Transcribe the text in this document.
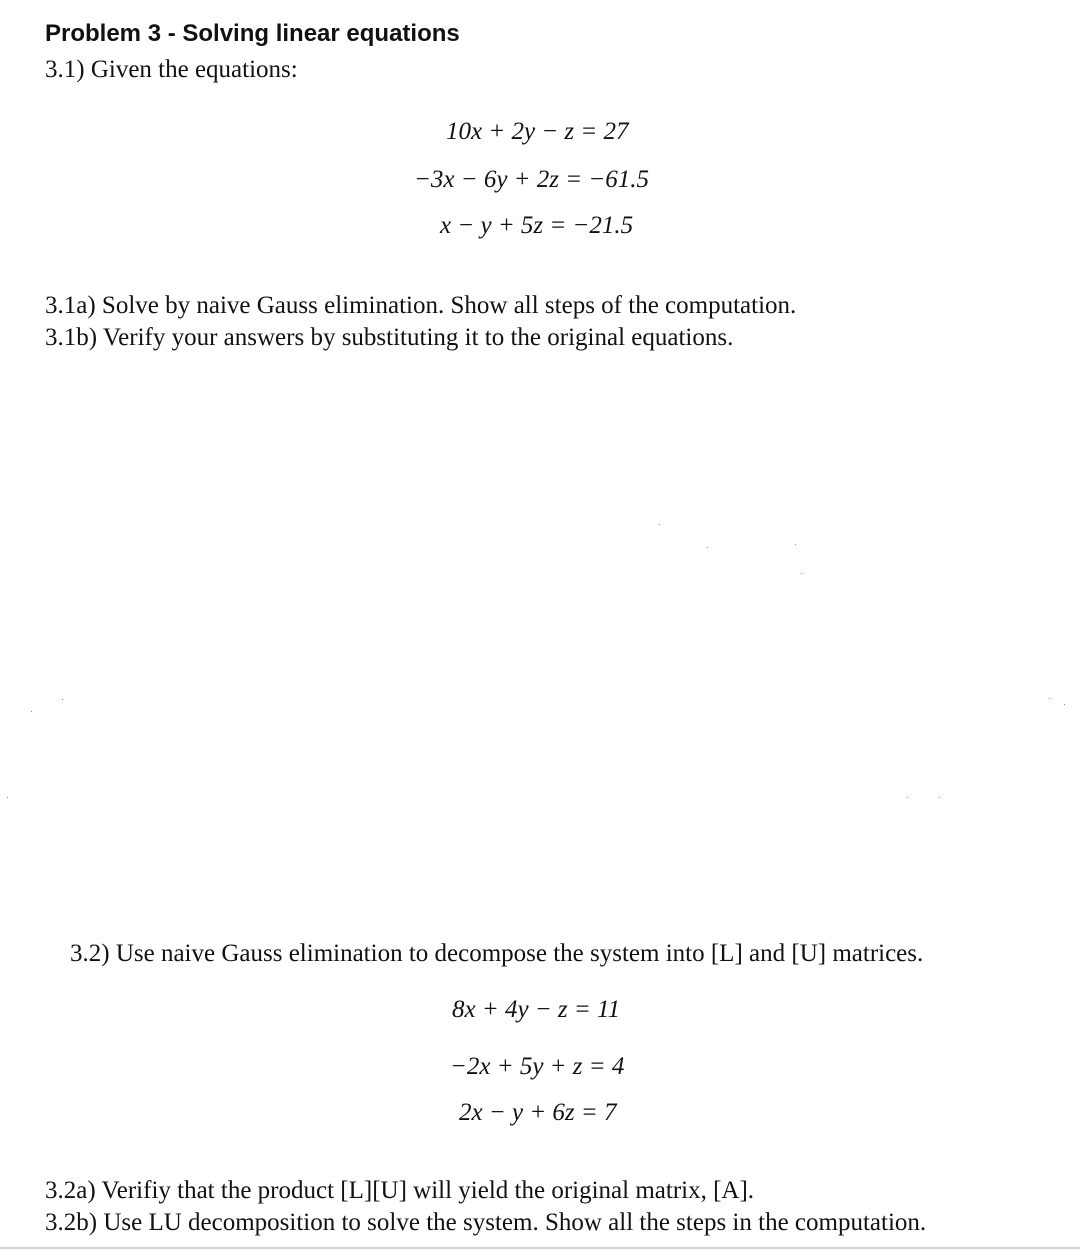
Problem 3 - Solving linear equations
3.1) Given the equations:
10x + 2y − z = 27
−3x − 6y + 2z = −61.5
x − y + 5z = −21.5
3.1a) Solve by naive Gauss elimination. Show all steps of the computation.
3.1b) Verify your answers by substituting it to the original equations.
3.2) Use naive Gauss elimination to decompose the system into [L] and [U] matrices.
8x + 4y − z = 11
−2x + 5y + z = 4
2x − y + 6z = 7
3.2a) Verifiy that the product [L][U] will yield the original matrix, [A].
3.2b) Use LU decomposition to solve the system. Show all the steps in the computation.
